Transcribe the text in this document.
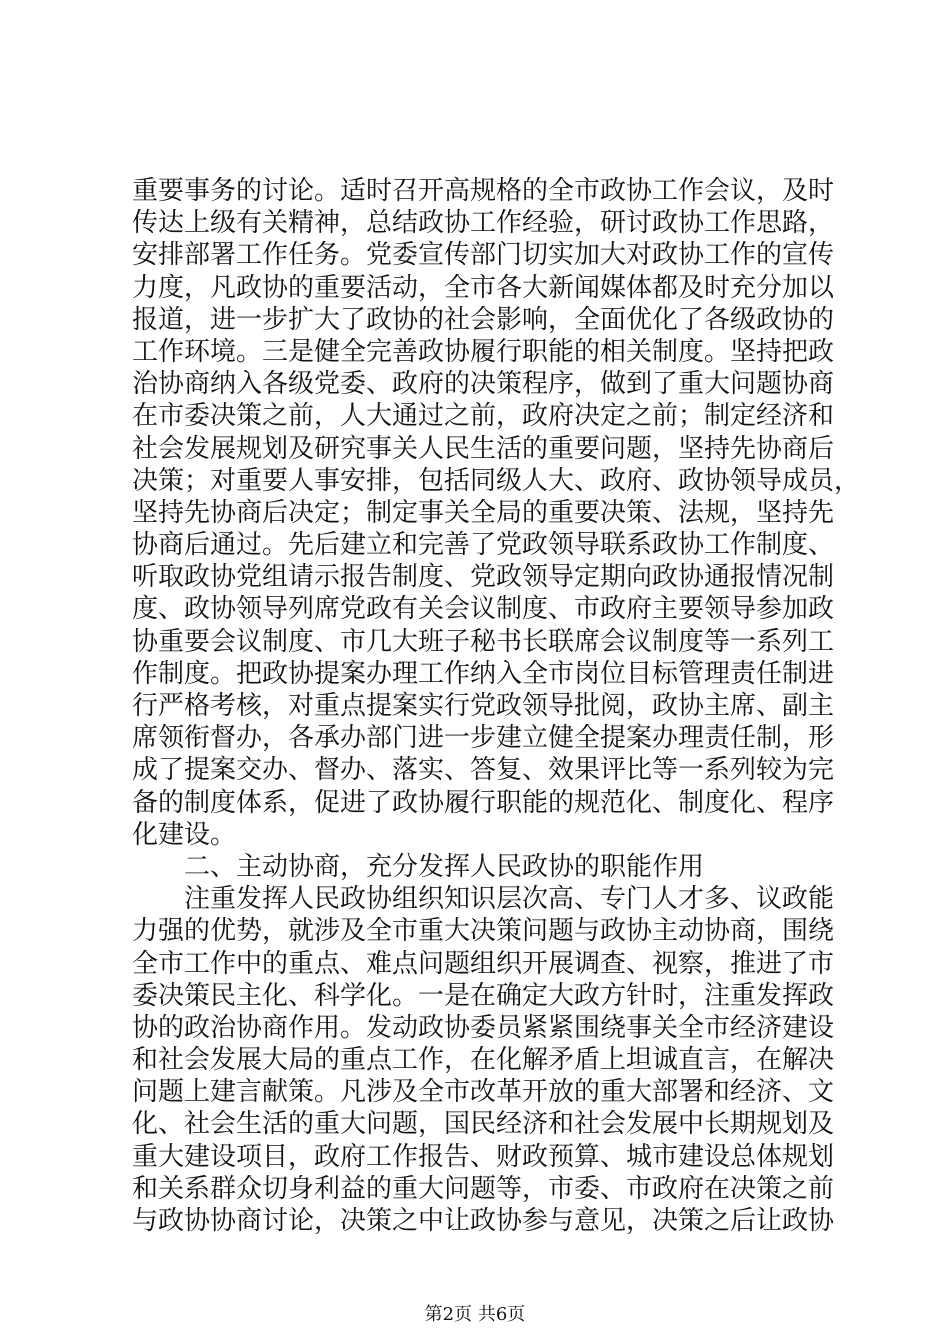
重要事务的讨论。适时召开高规格的全市政协工作会议，及时
传达上级有关精神，总结政协工作经验，研讨政协工作思路，
安排部署工作任务。党委宣传部门切实加大对政协工作的宣传
力度，凡政协的重要活动，全市各大新闻媒体都及时充分加以
报道，进一步扩大了政协的社会影响，全面优化了各级政协的
工作环境。三是健全完善政协履行职能的相关制度。坚持把政
治协商纳入各级党委、政府的决策程序，做到了重大问题协商
在市委决策之前，人大通过之前，政府决定之前；制定经济和
社会发展规划及研究事关人民生活的重要问题，坚持先协商后
决策；对重要人事安排，包括同级人大、政府、政协领导成员，
坚持先协商后决定；制定事关全局的重要决策、法规，坚持先
协商后通过。先后建立和完善了党政领导联系政协工作制度、
听取政协党组请示报告制度、党政领导定期向政协通报情况制
度、政协领导列席党政有关会议制度、市政府主要领导参加政
协重要会议制度、市几大班子秘书长联席会议制度等一系列工
作制度。把政协提案办理工作纳入全市岗位目标管理责任制进
行严格考核，对重点提案实行党政领导批阅，政协主席、副主
席领衔督办，各承办部门进一步建立健全提案办理责任制，形
成了提案交办、督办、落实、答复、效果评比等一系列较为完
备的制度体系，促进了政协履行职能的规范化、制度化、程序
化建设。
二、主动协商，充分发挥人民政协的职能作用
注重发挥人民政协组织知识层次高、专门人才多、议政能
力强的优势，就涉及全市重大决策问题与政协主动协商，围绕
全市工作中的重点、难点问题组织开展调查、视察，推进了市
委决策民主化、科学化。一是在确定大政方针时，注重发挥政
协的政治协商作用。发动政协委员紧紧围绕事关全市经济建设
和社会发展大局的重点工作，在化解矛盾上坦诚直言，在解决
问题上建言献策。凡涉及全市改革开放的重大部署和经济、文
化、社会生活的重大问题，国民经济和社会发展中长期规划及
重大建设项目，政府工作报告、财政预算、城市建设总体规划
和关系群众切身利益的重大问题等，市委、市政府在决策之前
与政协协商讨论，决策之中让政协参与意见，决策之后让政协
第2页 共6页
